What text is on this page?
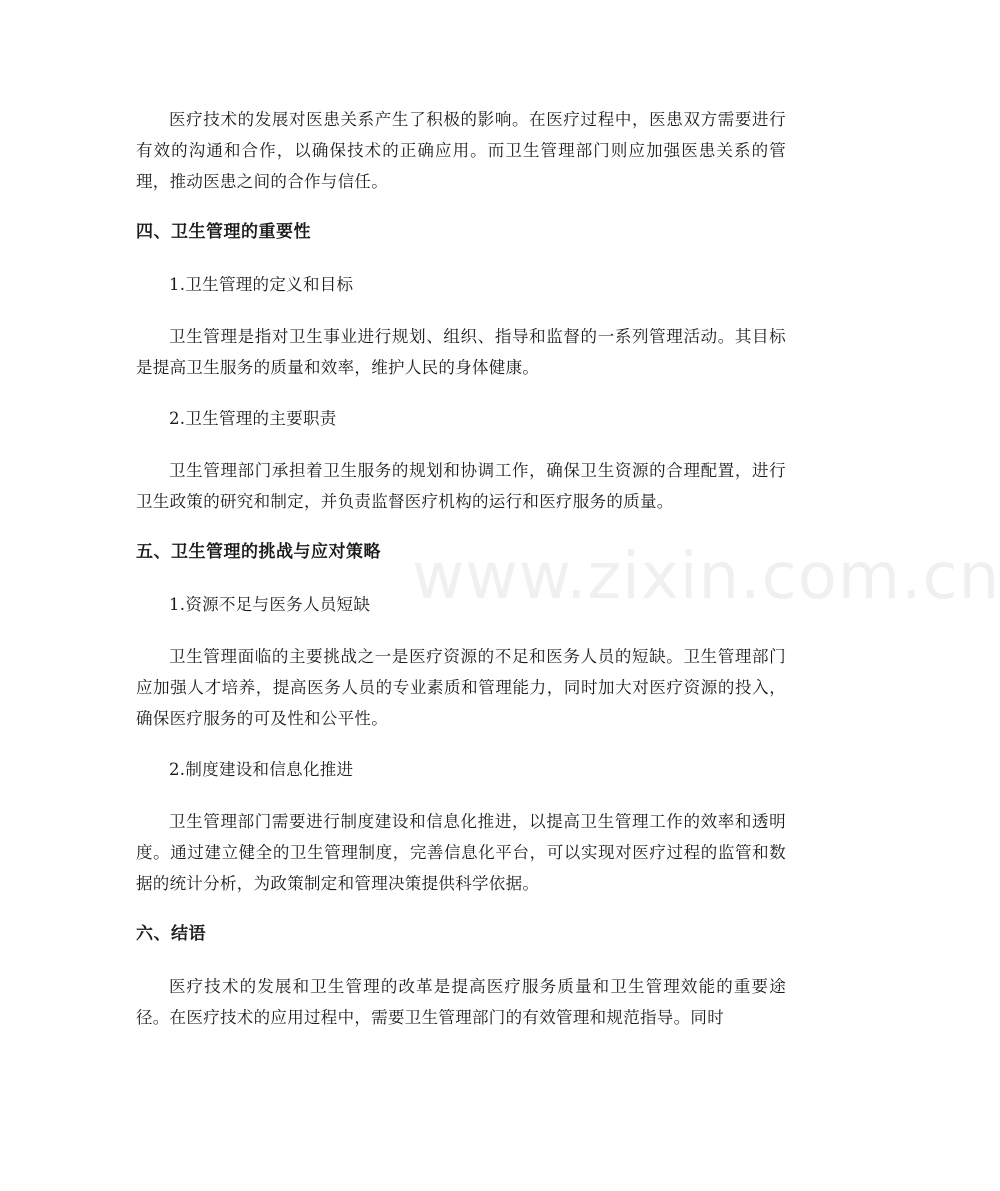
医疗技术的发展对医患关系产生了积极的影响。在医疗过程中，医患双方需要进行有效的沟通和合作，以确保技术的正确应用。而卫生管理部门则应加强医患关系的管理，推动医患之间的合作与信任。

四、卫生管理的重要性
1.卫生管理的定义和目标

卫生管理是指对卫生事业进行规划、组织、指导和监督的一系列管理活动。其目标是提高卫生服务的质量和效率，维护人民的身体健康。

2.卫生管理的主要职责

卫生管理部门承担着卫生服务的规划和协调工作，确保卫生资源的合理配置，进行卫生政策的研究和制定，并负责监督医疗机构的运行和医疗服务的质量。

五、卫生管理的挑战与应对策略
1.资源不足与医务人员短缺

卫生管理面临的主要挑战之一是医疗资源的不足和医务人员的短缺。卫生管理部门应加强人才培养，提高医务人员的专业素质和管理能力，同时加大对医疗资源的投入，确保医疗服务的可及性和公平性。

2.制度建设和信息化推进

卫生管理部门需要进行制度建设和信息化推进，以提高卫生管理工作的效率和透明度。通过建立健全的卫生管理制度，完善信息化平台，可以实现对医疗过程的监管和数据的统计分析，为政策制定和管理决策提供科学依据。

六、结语

医疗技术的发展和卫生管理的改革是提高医疗服务质量和卫生管理效能的重要途径。在医疗技术的应用过程中，需要卫生管理部门的有效管理和规范指导。同时

www.zixin.com.cn
